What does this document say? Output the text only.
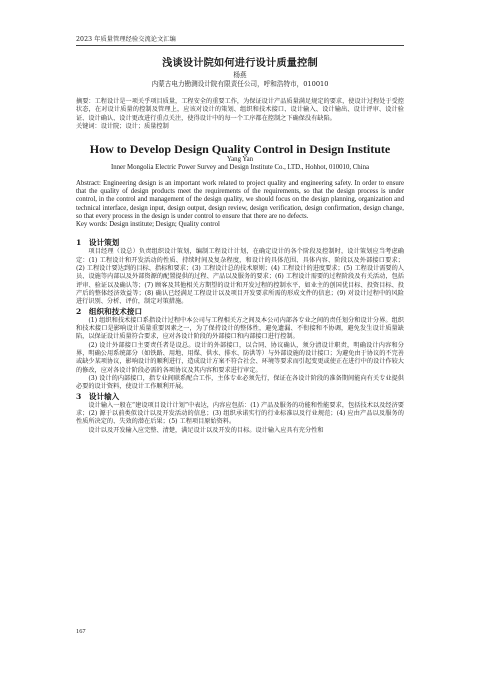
2023 年质量管理经验交流论文汇编
浅谈设计院如何进行设计质量控制
杨燕
内蒙古电力勘测设计院有限责任公司，呼和浩特市，010010
摘要：工程设计是一项关乎项目质量，工程安全的重要工作，为保证设计产品质量满足规定的要求，使设计过程处于受控状态，在对设计质量的控制及管理上，应该对设计的策划、组织和技术接口、设计输入、设计输出、设计评审、设计验证、设计确认、设计更改进行重点关注，使得设计中的每一个工序都在控制之下确保没有缺陷。
关键词：设计院；设计；质量控制
How to Develop Design Quality Control in Design Institute
Yang Yan
Inner Mongolia Electric Power Survey and Design Institute Co., LTD., Hohhot, 010010, China
Abstract: Engineering design is an important work related to project quality and engineering safety. In order to ensure that the quality of design products meet the requirements of the requirements, so that the design process is under control, in the control and management of the design quality, we should focus on the design planning, organization and technical interface, design input, design output, design review, design verification, design confirmation, design change, so that every process in the design is under control to ensure that there are no defects.
Key words: Design institute; Design; Quality control
1　设计策划

项目经理（设总）负责组织设计策划，编制工程设计计划，在确定设计的各个阶段及控制时，设计策划应当考虑确定：(1) 工程设计和开发活动的性质、持续时间及复杂程度，和设计的具体范围、具体内容、阶段以及外部接口要求；(2) 工程设计要达到的目标、指标和要求；(3) 工程设计总的技术原则；(4) 工程设计的进度要求；(5) 工程设计需要的人员、设施等内部以及外部资源的配置提供的过程、产品以及服务的要求；(6) 工程设计需要的过程阶段及有关活动，包括评审、验证以及确认等；(7) 顾客及其他相关方期望的设计和开发过程的控制水平，如业主的创国优目标、投资目标、投产后的整体经济效益等；(8) 确认已经满足工程设计以及项目开发要求所需的形成文件的信息；(9) 对设计过程中的风险进行识别、分析、评价，制定对策措施。

2　组织和技术接口

(1) 组织和技术接口系指设计过程中本公司与工程相关方之间及本公司内部各专业之间的责任划分和设计分界。组织和技术接口是影响设计质量重要因素之一，为了保持设计的整体性，避免遗漏、不衔接和不协调，避免发生设计质量缺陷，以保证设计质量符合要求，应对各设计阶段的外部接口和内部接口进行控制。

(2) 设计外部接口主要责任者是设总。设计的外部接口，以合同、协议确认，须分清设计职责，明确设计内容和分界，明确公用系统部分（如铁路、用地、用煤、供水、排水、防洪等）与外部设施的设计接口；为避免由于协议的不完善或缺少某项协议，影响设计的顺利进行，造成设计方案不符合社会、环境等要求而引起变更或使正在进行中的设计作较大的修改，应对各设计阶段必需的各项协议及其内容和要求进行审定。

(3) 设计的内部接口，指专业间联系配合工作，主体专业必须先行，保证在各设计阶段的准备期间能向有关专业提供必要的设计资料，使设计工作顺利开展。

3　设计输入

设计输入一般在“建设项目设计计划”中表达，内容应包括：(1) 产品及服务的功能和性能要求，包括技术以及经济要求；(2) 源于以前类似设计以及开发活动的信息；(3) 组织承诺实行的行业标准以及行业规范；(4) 应由产品以及服务的性质所决定的、失效的潜在后果；(5) 工程项目原始资料。

设计以及开发输入应完整、清楚，满足设计以及开发的目标。设计输入应具有充分性和

167
